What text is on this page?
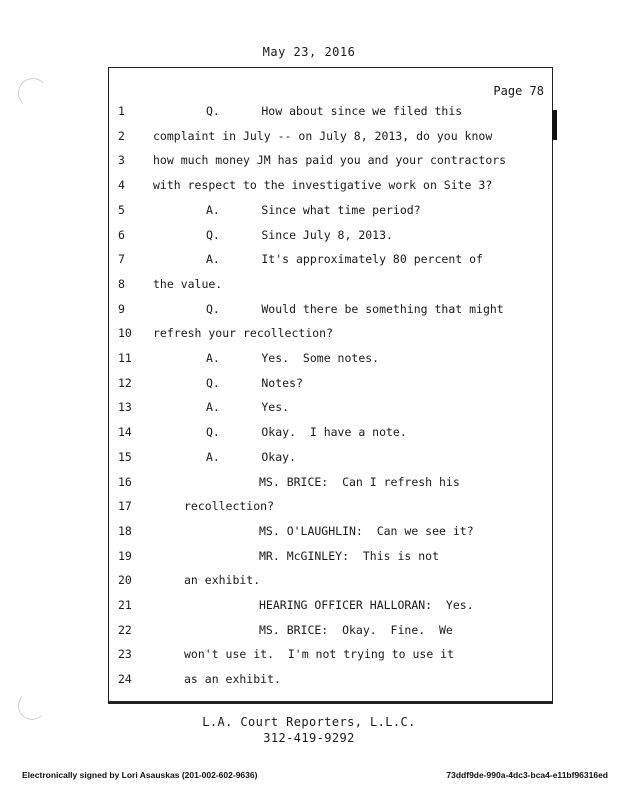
May 23, 2016
Page 78
1	Q.      How about since we filed this
2	complaint in July -- on July 8, 2013, do you know
3	how much money JM has paid you and your contractors
4	with respect to the investigative work on Site 3?
5	A.      Since what time period?
6	Q.      Since July 8, 2013.
7	A.      It's approximately 80 percent of
8	the value.
9	Q.      Would there be something that might
10	refresh your recollection?
11	A.      Yes.  Some notes.
12	Q.      Notes?
13	A.      Yes.
14	Q.      Okay.  I have a note.
15	A.      Okay.
16	MS. BRICE:  Can I refresh his
17	recollection?
18	MS. O'LAUGHLIN:  Can we see it?
19	MR. McGINLEY:  This is not
20	an exhibit.
21	HEARING OFFICER HALLORAN:  Yes.
22	MS. BRICE:  Okay.  Fine.  We
23	won't use it.  I'm not trying to use it
24	as an exhibit.
L.A. Court Reporters, L.L.C.
312-419-9292
Electronically signed by Lori Asauskas (201-002-602-9636)	73ddf9de-990a-4dc3-bca4-e11bf96316ed
